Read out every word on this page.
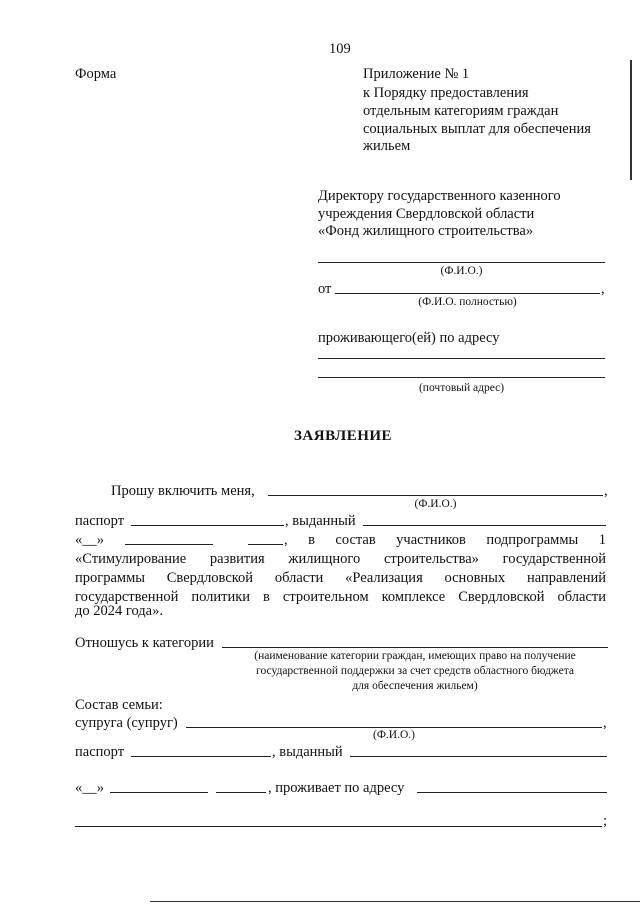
109
Форма	Приложение № 1
к Порядку предоставления
отдельным категориям граждан
социальных выплат для обеспечения
жильем
Директору государственного казенного
учреждения Свердловской области
«Фонд жилищного строительства»
(Ф.И.О.)
от	,
(Ф.И.О. полностью)
проживающего(ей) по адресу
(почтовый адрес)
ЗАЯВЛЕНИЕ
Прошу включить меня,	,
(Ф.И.О.)
паспорт	, выданный
«__»	, в состав участников подпрограммы 1
«Стимулирование развития жилищного строительства» государственной
программы Свердловской области «Реализация основных направлений
государственной политики в строительном комплексе Свердловской области
до 2024 года».
Отношусь к категории
(наименование категории граждан, имеющих право на получение
государственной поддержки за счет средств областного бюджета
для обеспечения жильем)
Состав семьи:
супруга (супруг)	,
(Ф.И.О.)
паспорт	, выданный
«__»	, проживает по адресу
;
